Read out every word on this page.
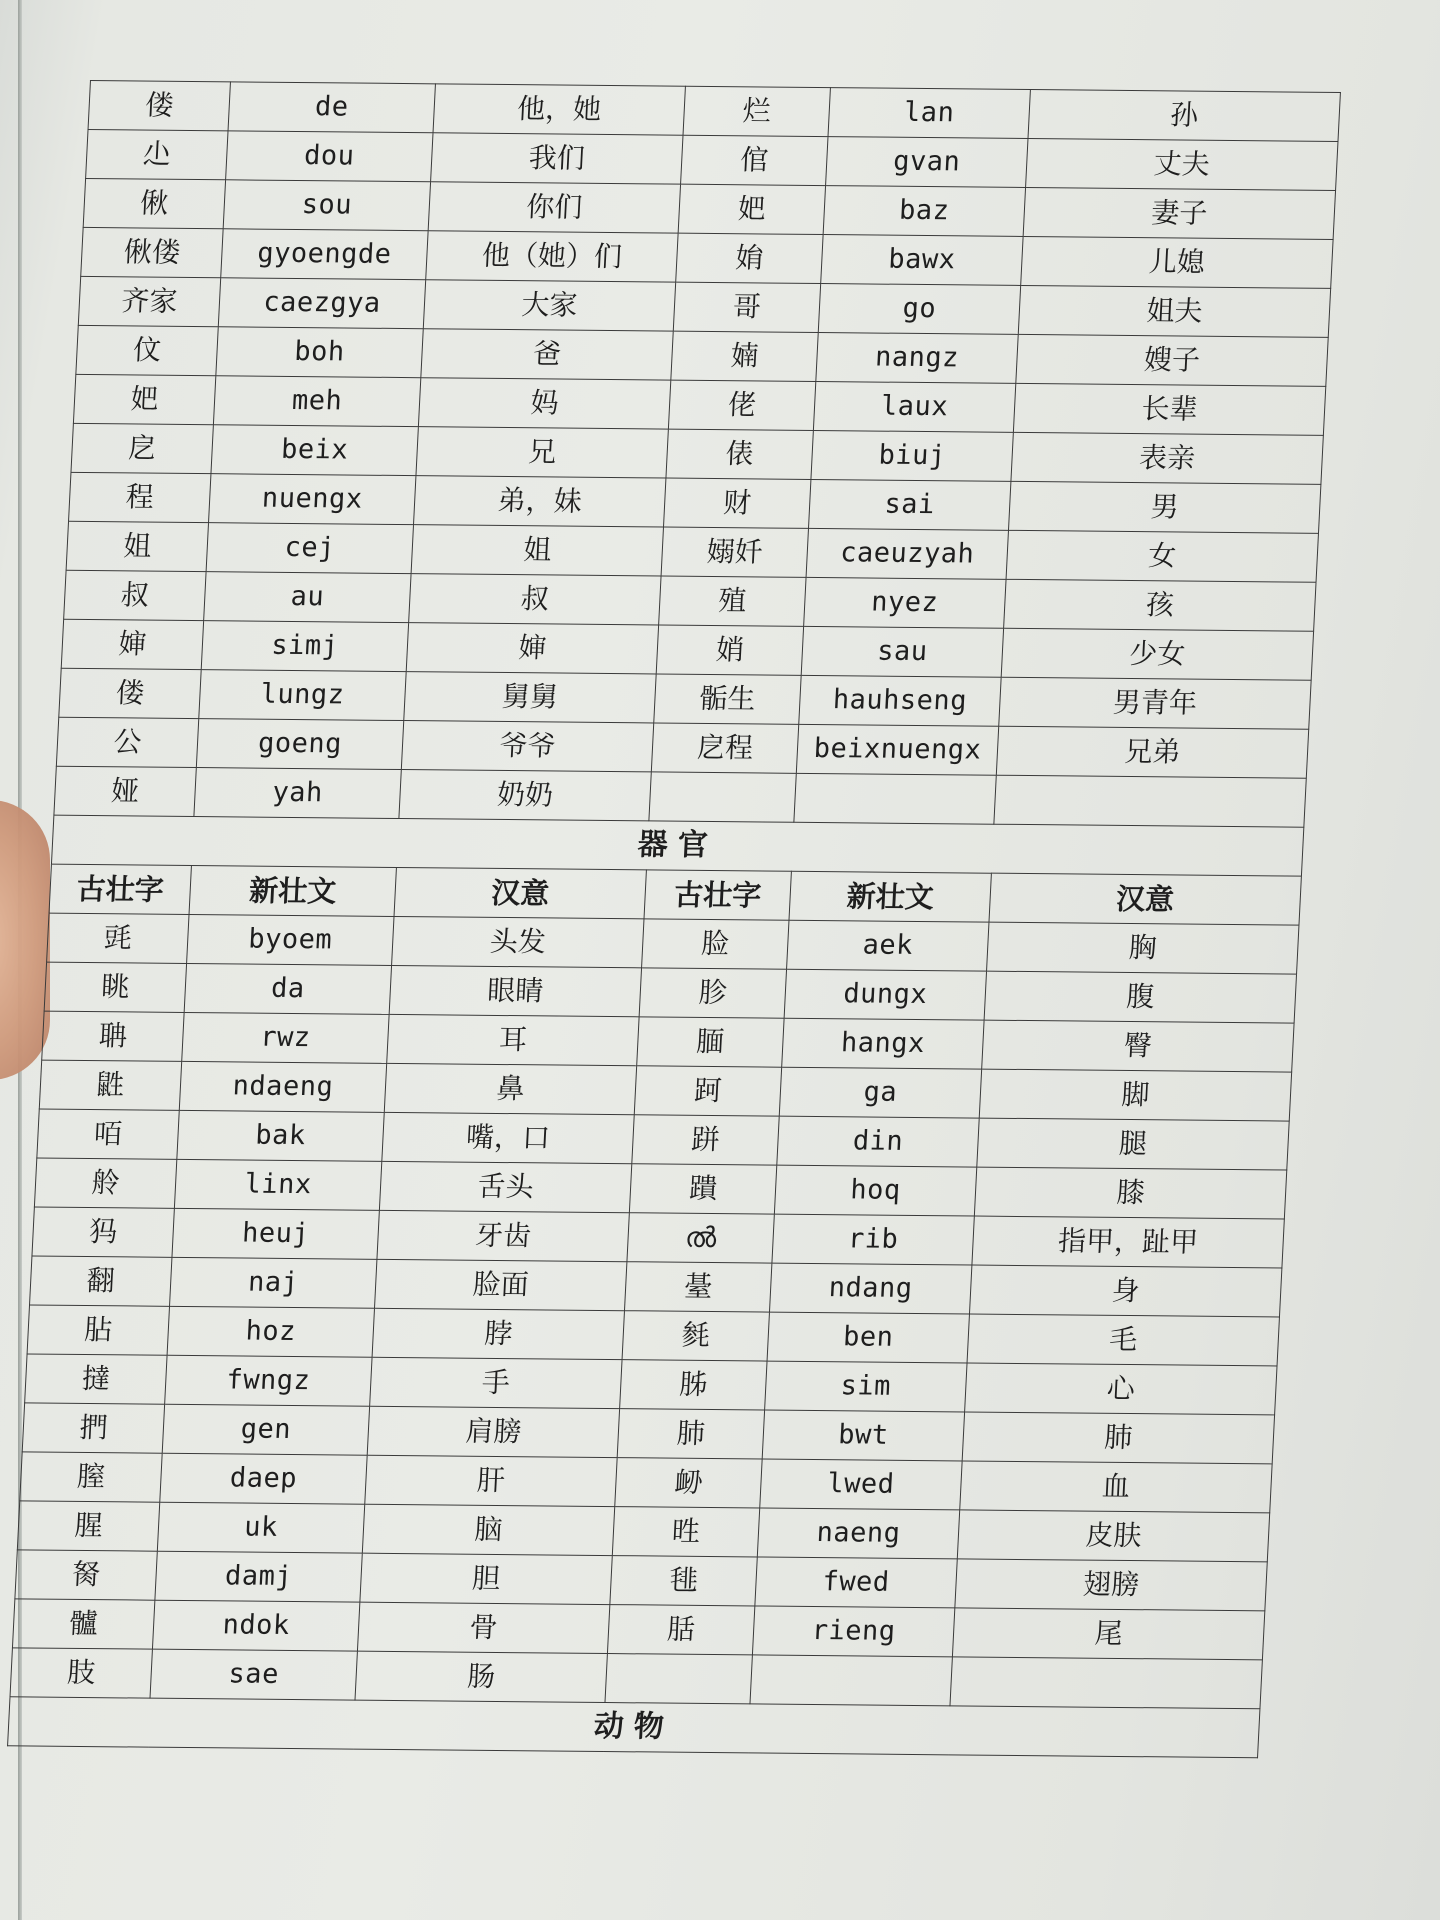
偻	de	他，她	烂	lan	孙
尐	dou	我们	倌	gvan	丈夫
偢	sou	你们	妑	baz	妻子
偢偻	gyoengde	他（她）们	姢	bawx	儿媳
齐家	caezgya	大家	哥	go	姐夫
伩	boh	爸	婻	nangz	嫂子
妑	meh	妈	佬	laux	长辈
戹	beix	兄	俵	biuj	表亲
程	nuengx	弟，妹	财	sai	男
姐	cej	姐	嫋奷	caeuzyah	女
叔	au	叔	殖	nyez	孩
婶	simj	婶	娋	sau	少女
偻	lungz	舅舅	骺生	hauhseng	男青年
公	goeng	爷爷	戹程	beixnuengx	兄弟
娅	yah	奶奶			
器官					
古壮字	新壮文	汉意	古壮字	新壮文	汉意
毭	byoem	头发	脸	aek	胸
眺	da	眼睛	胗	dungx	腹
聃	rwz	耳	腼	hangx	臀
鼪	ndaeng	鼻	跒	ga	脚
咟	bak	嘴，口	跰	din	腿
舲	linx	舌头	蹪	hoq	膝
犸	heuj	牙齿	ൽ	rib	指甲，趾甲
翻	naj	脸面	䑓	ndang	身
胋	hoz	脖	毵	ben	毛
撻	fwngz	手	胏	sim	心
捫	gen	肩膀	肺	bwt	肺
膣	daep	肝	䘐	lwed	血
腥	uk	脑	甠	naeng	皮肤
胬	damj	胆	毴	fwed	翅膀
髗	ndok	骨	䏦	rieng	尾
肢	sae	肠			
动物					
